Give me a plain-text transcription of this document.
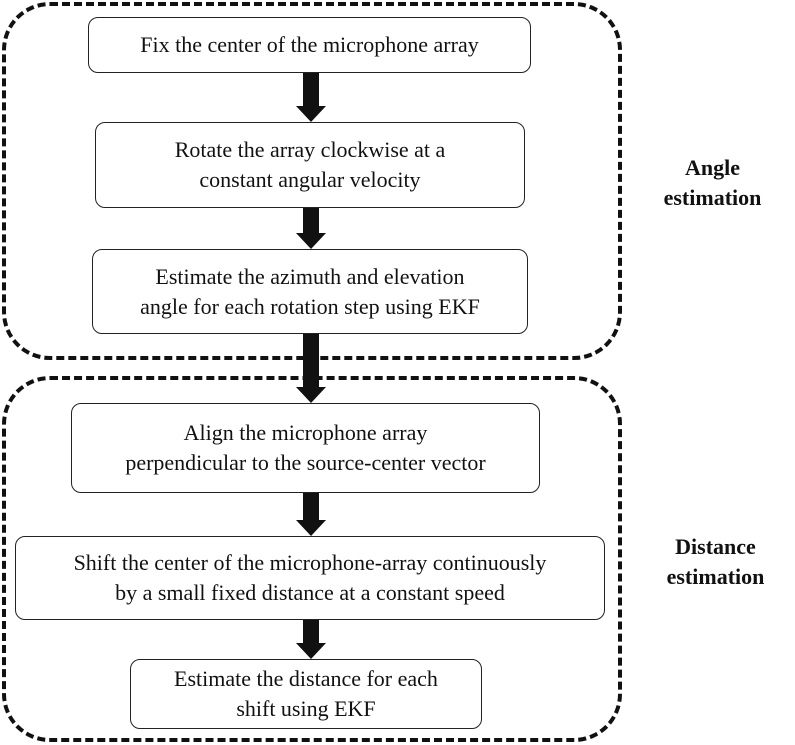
Angle
estimation
Distance
estimation
Fix the center of the microphone array
Rotate the array clockwise at a
constant angular velocity
Estimate the azimuth and elevation
angle for each rotation step using EKF
Align the microphone array
perpendicular to the source-center vector
Shift the center of the microphone-array continuously
by a small fixed distance at a constant speed
Estimate the distance for each
shift using EKF
